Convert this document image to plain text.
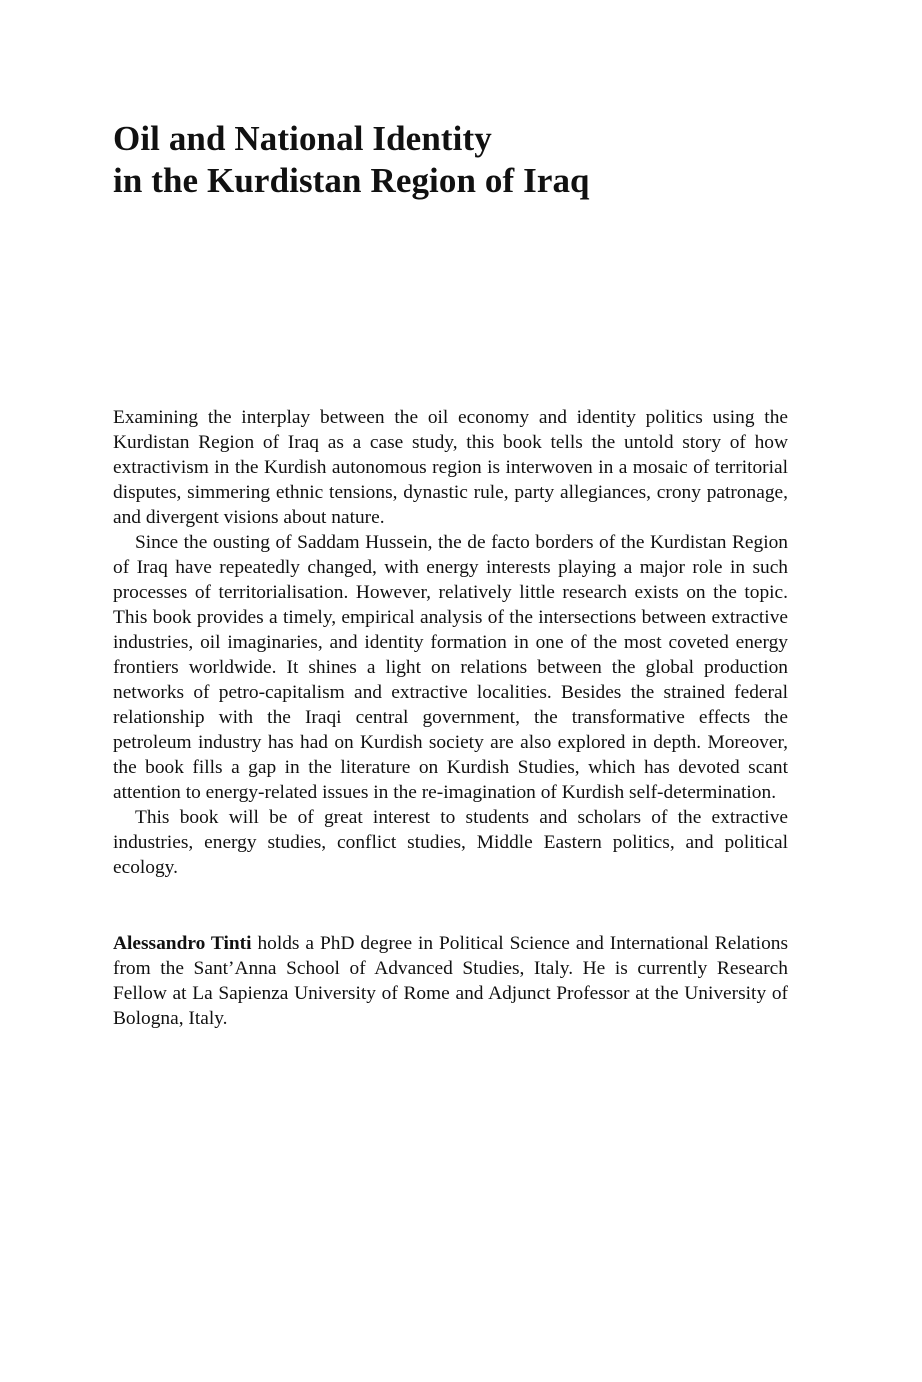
Oil and National Identity
in the Kurdistan Region of Iraq

Examining the interplay between the oil economy and identity politics using the Kurdistan Region of Iraq as a case study, this book tells the untold story of how extractivism in the Kurdish autonomous region is interwoven in a mosaic of territorial disputes, simmering ethnic tensions, dynastic rule, party allegiances, crony patronage, and divergent visions about nature.

Since the ousting of Saddam Hussein, the de facto borders of the Kurdistan Region of Iraq have repeatedly changed, with energy interests playing a major role in such processes of territorialisation. However, relatively little research exists on the topic. This book provides a timely, empirical analysis of the intersections between extractive industries, oil imaginaries, and identity formation in one of the most coveted energy frontiers worldwide. It shines a light on relations between the global production networks of petro-capitalism and extractive localities. Besides the strained federal relationship with the Iraqi central government, the transformative effects the petroleum industry has had on Kurdish society are also explored in depth. Moreover, the book fills a gap in the literature on Kurdish Studies, which has devoted scant attention to energy-related issues in the re-imagination of Kurdish self-determination.

This book will be of great interest to students and scholars of the extractive industries, energy studies, conflict studies, Middle Eastern politics, and political ecology.

Alessandro Tinti holds a PhD degree in Political Science and International Relations from the Sant’Anna School of Advanced Studies, Italy. He is currently Research Fellow at La Sapienza University of Rome and Adjunct Professor at the University of Bologna, Italy.
